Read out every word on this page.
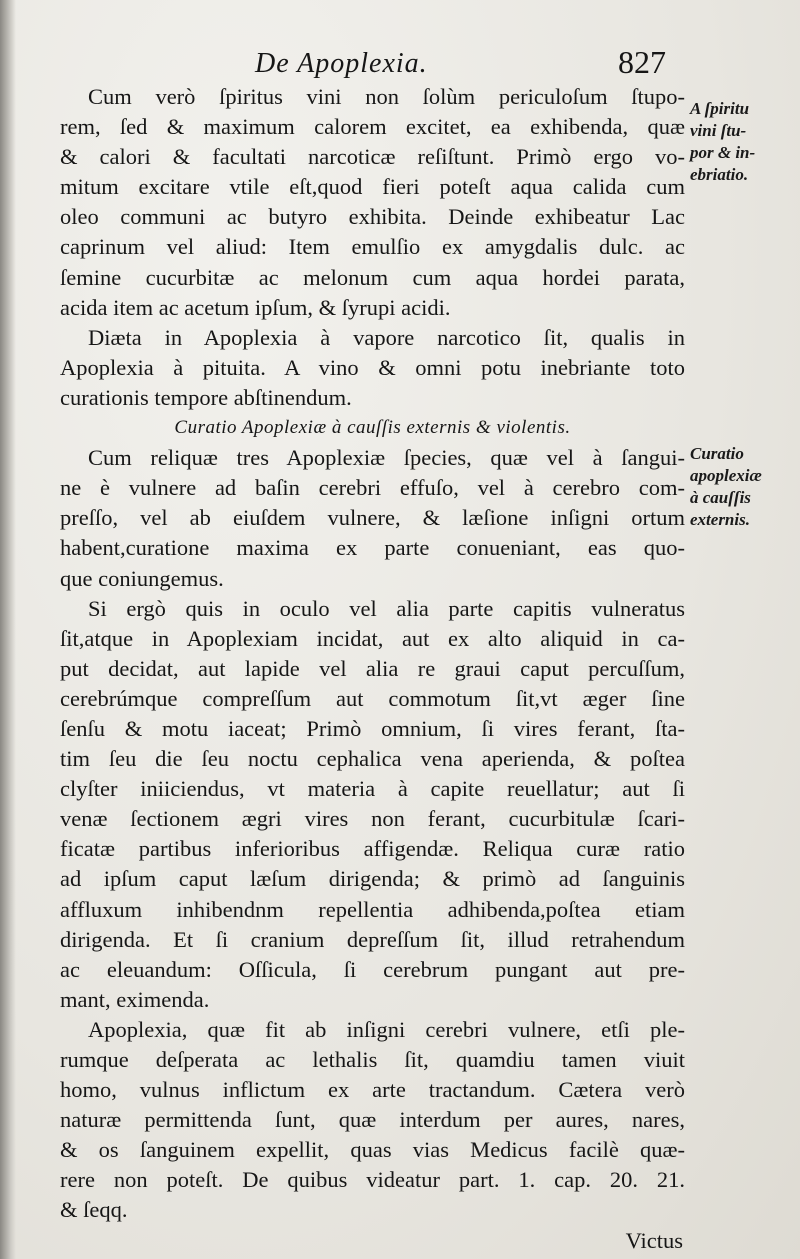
De Apoplexia.	827
Cum verò ſpiritus vini non ſolùm periculoſum ſtupo-
rem, ſed & maximum calorem excitet, ea exhibenda, quæ
& calori & facultati narcoticæ reſiſtunt. Primò ergo vo-
mitum excitare vtile eſt,quod fieri poteſt aqua calida cum
oleo communi ac butyro exhibita. Deinde exhibeatur Lac
caprinum vel aliud: Item emulſio ex amygdalis dulc. ac
ſemine cucurbitæ ac melonum cum aqua hordei parata,
acida item ac acetum ipſum, & ſyrupi acidi.
Diæta in Apoplexia à vapore narcotico ſit, qualis in
Apoplexia à pituita. A vino & omni potu inebriante toto
curationis tempore abſtinendum.
Curatio Apoplexiæ à cauſſis externis & violentis.
Cum reliquæ tres Apoplexiæ ſpecies, quæ vel à ſangui-
ne è vulnere ad baſin cerebri effuſo, vel à cerebro com-
preſſo, vel ab eiuſdem vulnere, & læſione inſigni ortum
habent,curatione maxima ex parte conueniant, eas quo-
que coniungemus.
Si ergò quis in oculo vel alia parte capitis vulneratus
ſit,atque in Apoplexiam incidat, aut ex alto aliquid in ca-
put decidat, aut lapide vel alia re graui caput percuſſum,
cerebrúmque compreſſum aut commotum ſit,vt æger ſine
ſenſu & motu iaceat; Primò omnium, ſi vires ferant, ſta-
tim ſeu die ſeu noctu cephalica vena aperienda, & poſtea
clyſter iniiciendus, vt materia à capite reuellatur; aut ſi
venæ ſectionem ægri vires non ferant, cucurbitulæ ſcari-
ficatæ partibus inferioribus affigendæ. Reliqua curæ ratio
ad ipſum caput læſum dirigenda; & primò ad ſanguinis
affluxum inhibendnm repellentia adhibenda,poſtea etiam
dirigenda. Et ſi cranium depreſſum ſit, illud retrahendum
ac eleuandum: Oſſicula, ſi cerebrum pungant aut pre-
mant, eximenda.
Apoplexia, quæ fit ab inſigni cerebri vulnere, etſi ple-
rumque deſperata ac lethalis ſit, quamdiu tamen viuit
homo, vulnus inflictum ex arte tractandum. Cætera verò
naturæ permittenda ſunt, quæ interdum per aures, nares,
& os ſanguinem expellit, quas vias Medicus facilè quæ-
rere non poteſt. De quibus videatur part. 1. cap. 20. 21.
& ſeqq.
Victus
A ſpiritu
vini ſtu-
por & in-
ebriatio.
Curatio
apoplexiæ
à cauſſis
externis.
